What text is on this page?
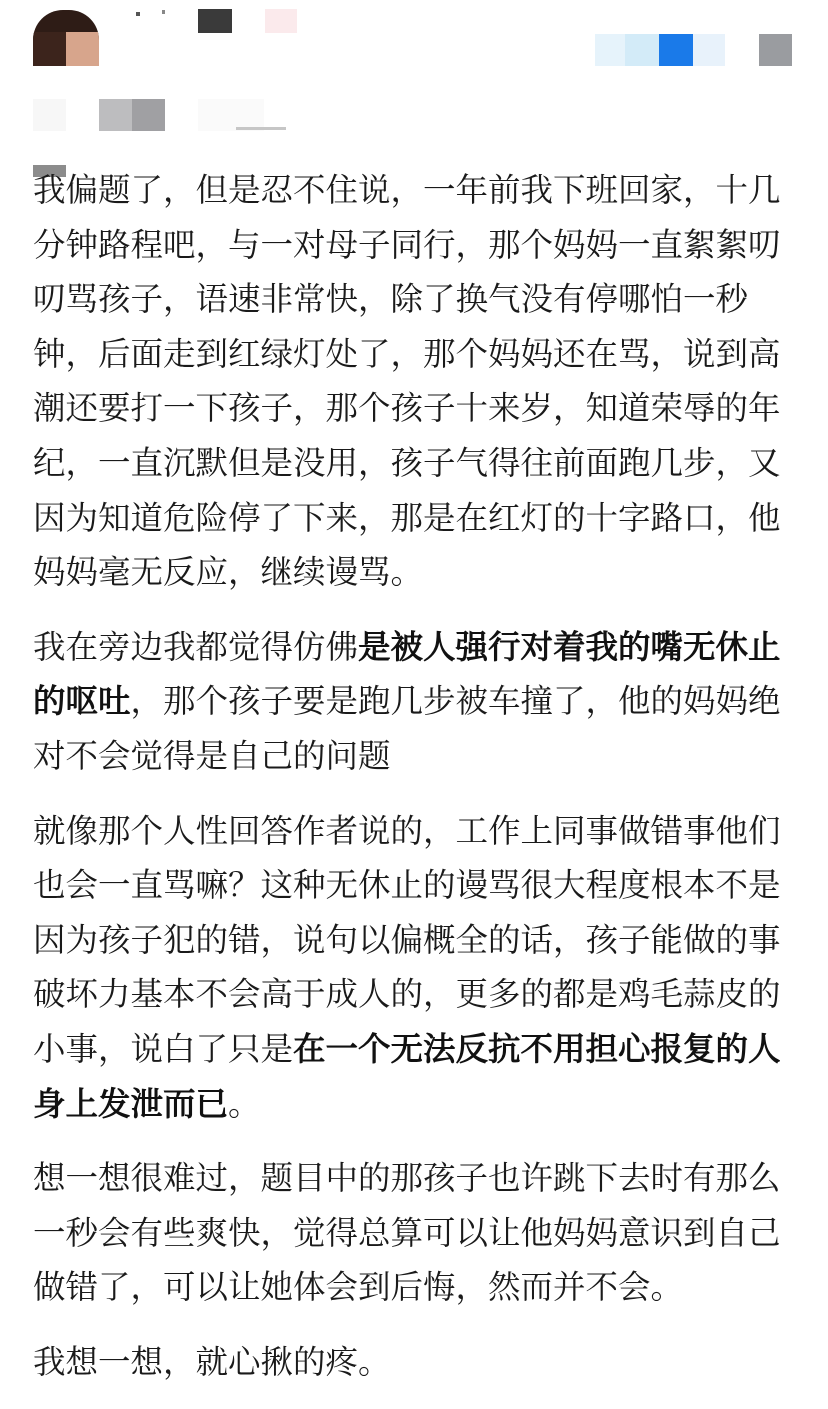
我偏题了，但是忍不住说，一年前我下班回家，十几分钟路程吧，与一对母子同行，那个妈妈一直絮絮叨叨骂孩子，语速非常快，除了换气没有停哪怕一秒钟，后面走到红绿灯处了，那个妈妈还在骂，说到高潮还要打一下孩子，那个孩子十来岁，知道荣辱的年纪，一直沉默但是没用，孩子气得往前面跑几步，又因为知道危险停了下来，那是在红灯的十字路口，他妈妈毫无反应，继续谩骂。

我在旁边我都觉得仿佛是被人强行对着我的嘴无休止的呕吐，那个孩子要是跑几步被车撞了，他的妈妈绝对不会觉得是自己的问题

就像那个人性回答作者说的，工作上同事做错事他们也会一直骂嘛？这种无休止的谩骂很大程度根本不是因为孩子犯的错，说句以偏概全的话，孩子能做的事破坏力基本不会高于成人的，更多的都是鸡毛蒜皮的小事，说白了只是在一个无法反抗不用担心报复的人身上发泄而已。

想一想很难过，题目中的那孩子也许跳下去时有那么一秒会有些爽快，觉得总算可以让他妈妈意识到自己做错了，可以让她体会到后悔，然而并不会。

我想一想，就心揪的疼。
